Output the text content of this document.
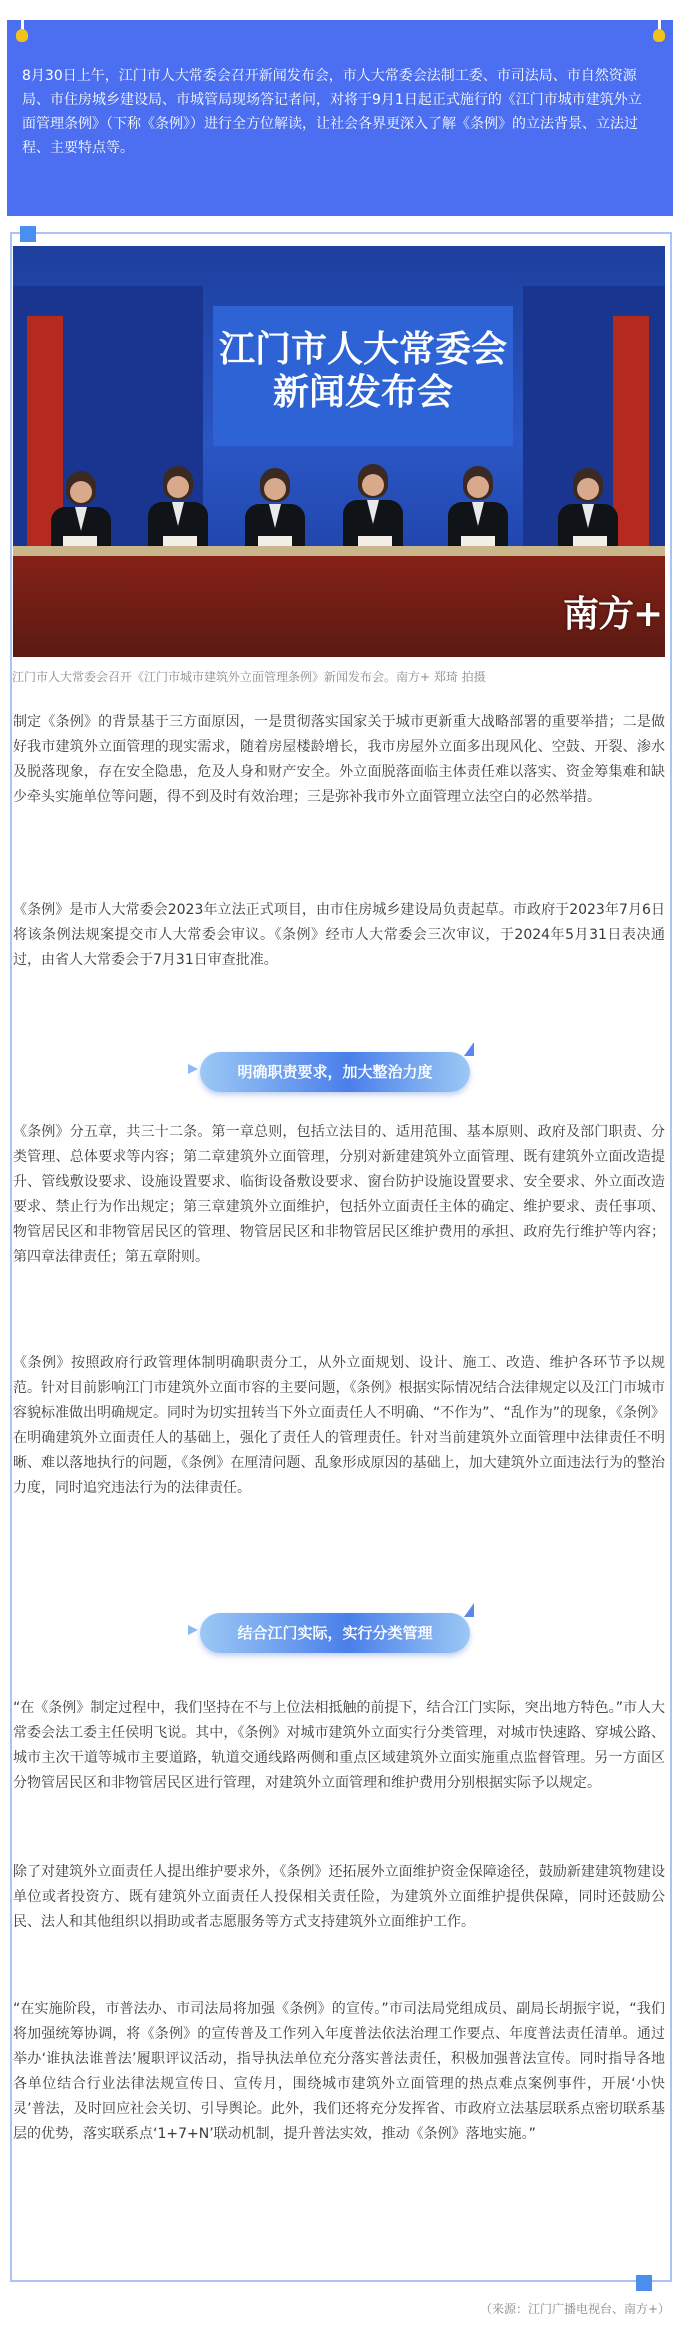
8月30日上午，江门市人大常委会召开新闻发布会，市人大常委会法制工委、市司法局、市自然资源局、市住房城乡建设局、市城管局现场答记者问，对将于9月1日起正式施行的《江门市城市建筑外立面管理条例》（下称《条例》）进行全方位解读，让社会各界更深入了解《条例》的立法背景、立法过程、主要特点等。
江门市人大常委会
新闻发布会
南方+
江门市人大常委会召开《江门市城市建筑外立面管理条例》新闻发布会。南方+ 郑琦 拍摄
制定《条例》的背景基于三方面原因，一是贯彻落实国家关于城市更新重大战略部署的重要举措；二是做好我市建筑外立面管理的现实需求，随着房屋楼龄增长，我市房屋外立面多出现风化、空鼓、开裂、渗水及脱落现象，存在安全隐患，危及人身和财产安全。外立面脱落面临主体责任难以落实、资金筹集难和缺少牵头实施单位等问题，得不到及时有效治理；三是弥补我市外立面管理立法空白的必然举措。
《条例》是市人大常委会2023年立法正式项目，由市住房城乡建设局负责起草。市政府于2023年7月6日将该条例法规案提交市人大常委会审议。《条例》经市人大常委会三次审议，于2024年5月31日表决通过，由省人大常委会于7月31日审查批准。
明确职责要求，加大整治力度
《条例》分五章，共三十二条。第一章总则，包括立法目的、适用范围、基本原则、政府及部门职责、分类管理、总体要求等内容；第二章建筑外立面管理，分别对新建建筑外立面管理、既有建筑外立面改造提升、管线敷设要求、设施设置要求、临街设备敷设要求、窗台防护设施设置要求、安全要求、外立面改造要求、禁止行为作出规定；第三章建筑外立面维护，包括外立面责任主体的确定、维护要求、责任事项、物管居民区和非物管居民区的管理、物管居民区和非物管居民区维护费用的承担、政府先行维护等内容；第四章法律责任；第五章附则。
《条例》按照政府行政管理体制明确职责分工，从外立面规划、设计、施工、改造、维护各环节予以规范。针对目前影响江门市建筑外立面市容的主要问题，《条例》根据实际情况结合法律规定以及江门市城市容貌标准做出明确规定。同时为切实扭转当下外立面责任人不明确、“不作为”、“乱作为”的现象，《条例》在明确建筑外立面责任人的基础上，强化了责任人的管理责任。针对当前建筑外立面管理中法律责任不明晰、难以落地执行的问题，《条例》在厘清问题、乱象形成原因的基础上，加大建筑外立面违法行为的整治力度，同时追究违法行为的法律责任。
结合江门实际，实行分类管理
“在《条例》制定过程中，我们坚持在不与上位法相抵触的前提下，结合江门实际，突出地方特色。”市人大常委会法工委主任侯明飞说。其中，《条例》对城市建筑外立面实行分类管理，对城市快速路、穿城公路、城市主次干道等城市主要道路，轨道交通线路两侧和重点区域建筑外立面实施重点监督管理。另一方面区分物管居民区和非物管居民区进行管理，对建筑外立面管理和维护费用分别根据实际予以规定。
除了对建筑外立面责任人提出维护要求外，《条例》还拓展外立面维护资金保障途径，鼓励新建建筑物建设单位或者投资方、既有建筑外立面责任人投保相关责任险，为建筑外立面维护提供保障，同时还鼓励公民、法人和其他组织以捐助或者志愿服务等方式支持建筑外立面维护工作。
“在实施阶段，市普法办、市司法局将加强《条例》的宣传。”市司法局党组成员、副局长胡振宇说，“我们将加强统筹协调，将《条例》的宣传普及工作列入年度普法依法治理工作要点、年度普法责任清单。通过举办‘谁执法谁普法’履职评议活动，指导执法单位充分落实普法责任，积极加强普法宣传。同时指导各地各单位结合行业法律法规宣传日、宣传月，围绕城市建筑外立面管理的热点难点案例事件，开展‘小快灵’普法，及时回应社会关切、引导舆论。此外，我们还将充分发挥省、市政府立法基层联系点密切联系基层的优势，落实联系点‘1+7+N’联动机制，提升普法实效，推动《条例》落地实施。”
（来源：江门广播电视台、南方+）
